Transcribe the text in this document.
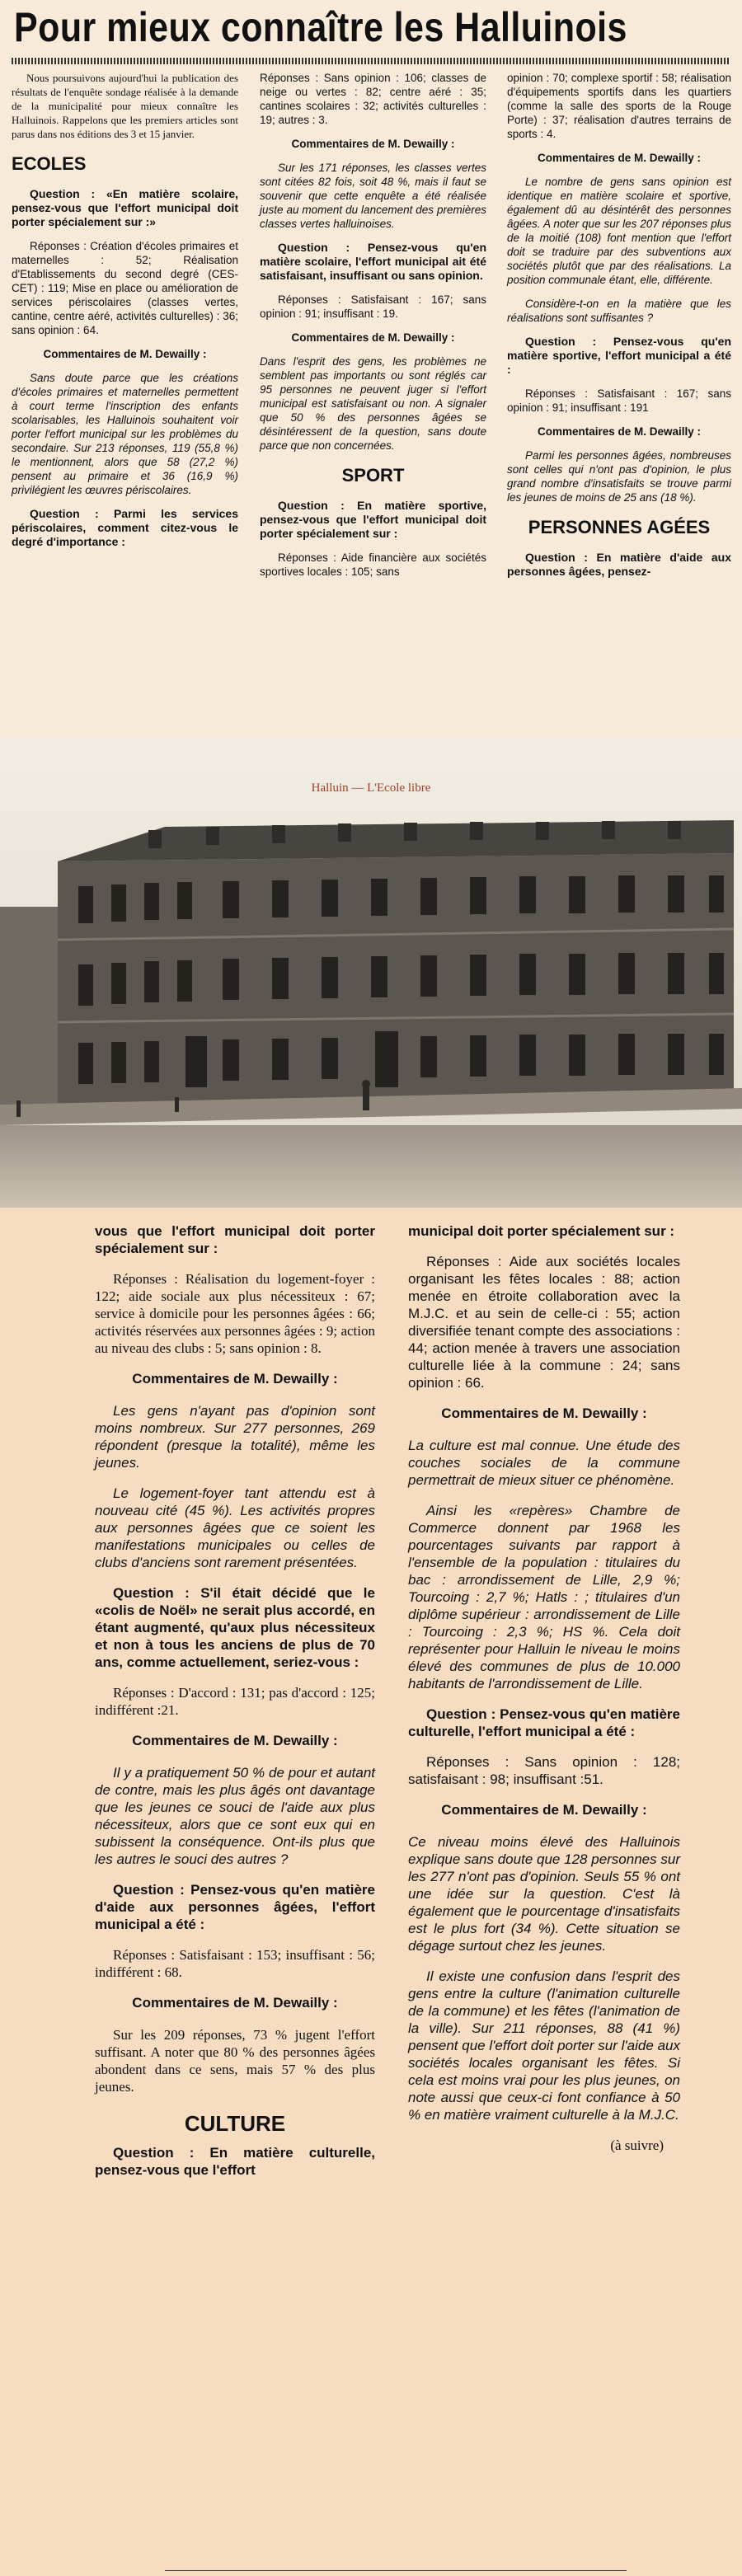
Pour mieux connaître les Halluinois

Nous poursuivons aujourd'hui la publication des résultats de l'enquête sondage réalisée à la demande de la municipalité pour mieux connaître les Halluinois. Rappelons que les premiers articles sont parus dans nos éditions des 3 et 15 janvier.

ECOLES

Question : «En matière scolaire, pensez-vous que l'effort municipal doit porter spécialement sur :»

Réponses : Création d'écoles primaires et maternelles : 52; Réalisation d'Etablissements du second degré (CES-CET) : 119; Mise en place ou amélioration de services périscolaires (classes vertes, cantine, centre aéré, activités culturelles) : 36; sans opinion : 64.

Commentaires de M. Dewailly :

Sans doute parce que les créations d'écoles primaires et maternelles permettent à court terme l'inscription des enfants scolarisables, les Halluinois souhaitent voir porter l'effort municipal sur les problèmes du secondaire. Sur 213 réponses, 119 (55,8 %) le mentionnent, alors que 58 (27,2 %) pensent au primaire et 36 (16,9 %) privilégient les œuvres périscolaires.

Question : Parmi les services périscolaires, comment citez-vous le degré d'importance :

Réponses : Sans opinion : 106; classes de neige ou vertes : 82; centre aéré : 35; cantines scolaires : 32; activités culturelles : 19; autres : 3.

Commentaires de M. Dewailly :

Sur les 171 réponses, les classes vertes sont citées 82 fois, soit 48 %, mais il faut se souvenir que cette enquête a été réalisée juste au moment du lancement des premières classes vertes halluinoises.

Question : Pensez-vous qu'en matière scolaire, l'effort municipal ait été satisfaisant, insuffisant ou sans opinion.

Réponses : Satisfaisant : 167; sans opinion : 91; insuffisant : 19.

Commentaires de M. Dewailly :

Dans l'esprit des gens, les problèmes ne semblent pas importants ou sont réglés car 95 personnes ne peuvent juger si l'effort municipal est satisfaisant ou non. A signaler que 50 % des personnes âgées se désintéressent de la question, sans doute parce que non concernées.

SPORT

Question : En matière sportive, pensez-vous que l'effort municipal doit porter spécialement sur :

Réponses : Aide financière aux sociétés sportives locales : 105; sans

opinion : 70; complexe sportif : 58; réalisation d'équipements sportifs dans les quartiers (comme la salle des sports de la Rouge Porte) : 37; réalisation d'autres terrains de sports : 4.

Commentaires de M. Dewailly :

Le nombre de gens sans opinion est identique en matière scolaire et sportive, également dû au désintérêt des personnes âgées. A noter que sur les 207 réponses plus de la moitié (108) font mention que l'effort doit se traduire par des subventions aux sociétés plutôt que par des réalisations. La position communale étant, elle, différente.

Considère-t-on en la matière que les réalisations sont suffisantes ?

Question : Pensez-vous qu'en matière sportive, l'effort municipal a été :

Réponses : Satisfaisant : 167; sans opinion : 91; insuffisant : 191

Commentaires de M. Dewailly :

Parmi les personnes âgées, nombreuses sont celles qui n'ont pas d'opinion, le plus grand nombre d'insatisfaits se trouve parmi les jeunes de moins de 25 ans (18 %).

PERSONNES AGÉES

Question : En matière d'aide aux personnes âgées, pensez-

Halluin — L'Ecole libre

vous que l'effort municipal doit porter spécialement sur :

Réponses : Réalisation du logement-foyer : 122; aide sociale aux plus nécessiteux : 67; service à domicile pour les personnes âgées : 66; activités réservées aux personnes âgées : 9; action au niveau des clubs : 5; sans opinion : 8.

Commentaires de M. Dewailly :

Les gens n'ayant pas d'opinion sont moins nombreux. Sur 277 personnes, 269 répondent (presque la totalité), même les jeunes.

Le logement-foyer tant attendu est à nouveau cité (45 %). Les activités propres aux personnes âgées que ce soient les manifestations municipales ou celles de clubs d'anciens sont rarement présentées.

Question : S'il était décidé que le «colis de Noël» ne serait plus accordé, en étant augmenté, qu'aux plus nécessiteux et non à tous les anciens de plus de 70 ans, comme actuellement, seriez-vous :

Réponses : D'accord : 131; pas d'accord : 125; indifférent :21.

Commentaires de M. Dewailly :

Il y a pratiquement 50 % de pour et autant de contre, mais les plus âgés ont davantage que les jeunes ce souci de l'aide aux plus nécessiteux, alors que ce sont eux qui en subissent la conséquence. Ont-ils plus que les autres le souci des autres ?

Question : Pensez-vous qu'en matière d'aide aux personnes âgées, l'effort municipal a été :

Réponses : Satisfaisant : 153; insuffisant : 56; indifférent : 68.

Commentaires de M. Dewailly :

Sur les 209 réponses, 73 % jugent l'effort suffisant. A noter que 80 % des personnes âgées abondent dans ce sens, mais 57 % des plus jeunes.

CULTURE

Question : En matière culturelle, pensez-vous que l'effort

municipal doit porter spécialement sur :

Réponses : Aide aux sociétés locales organisant les fêtes locales : 88; action menée en étroite collaboration avec la M.J.C. et au sein de celle-ci : 55; action diversifiée tenant compte des associations : 44; action menée à travers une association culturelle liée à la commune : 24; sans opinion : 66.

Commentaires de M. Dewailly :

La culture est mal connue. Une étude des couches sociales de la commune permettrait de mieux situer ce phénomène.

Ainsi les «repères» Chambre de Commerce donnent par 1968 les pourcentages suivants par rapport à l'ensemble de la population : titulaires du bac : arrondissement de Lille, 2,9 %; Tourcoing : 2,7 %; Hatls : ; titulaires d'un diplôme supérieur : arrondissement de Lille : Tourcoing : 2,3 %; HS %. Cela doit représenter pour Halluin le niveau le moins élevé des communes de plus de 10.000 habitants de l'arrondissement de Lille.

Question : Pensez-vous qu'en matière culturelle, l'effort municipal a été :

Réponses : Sans opinion : 128; satisfaisant : 98; insuffisant :51.

Commentaires de M. Dewailly :

Ce niveau moins élevé des Halluinois explique sans doute que 128 personnes sur les 277 n'ont pas d'opinion. Seuls 55 % ont une idée sur la question. C'est là également que le pourcentage d'insatisfaits est le plus fort (34 %). Cette situation se dégage surtout chez les jeunes.

Il existe une confusion dans l'esprit des gens entre la culture (l'animation culturelle de la commune) et les fêtes (l'animation de la ville). Sur 211 réponses, 88 (41 %) pensent que l'effort doit porter sur l'aide aux sociétés locales organisant les fêtes. Si cela est moins vrai pour les plus jeunes, on note aussi que ceux-ci font confiance à 50 % en matière vraiment culturelle à la M.J.C.

(à suivre)
